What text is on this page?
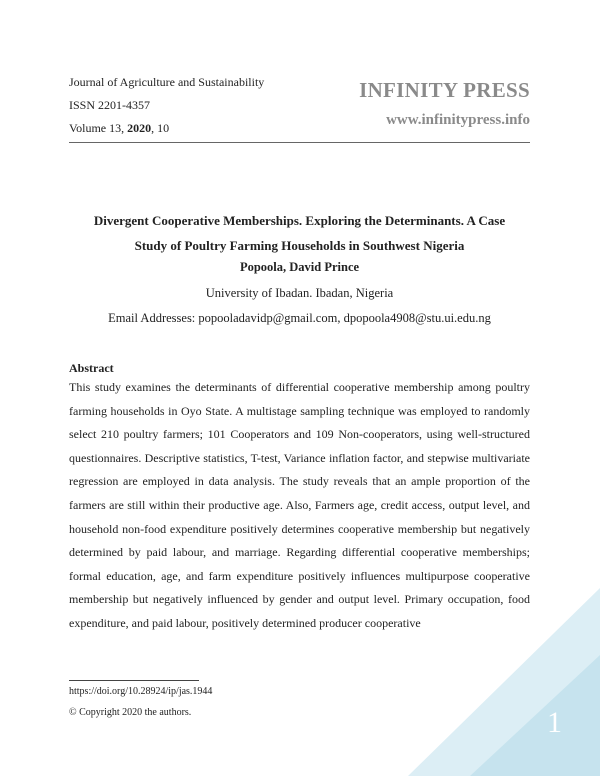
Journal of Agriculture and Sustainability
ISSN 2201-4357
Volume 13, 2020, 10
INFINITY PRESS
www.infinitypress.info
Divergent Cooperative Memberships. Exploring the Determinants. A Case
Study of Poultry Farming Households in Southwest Nigeria
Popoola, David Prince
University of Ibadan. Ibadan, Nigeria
Email Addresses: popooladavidp@gmail.com, dpopoola4908@stu.ui.edu.ng
Abstract
This study examines the determinants of differential cooperative membership among poultry farming households in Oyo State. A multistage sampling technique was employed to randomly select 210 poultry farmers; 101 Cooperators and 109 Non-cooperators, using well-structured questionnaires. Descriptive statistics, T-test, Variance inflation factor, and stepwise multivariate regression are employed in data analysis. The study reveals that an ample proportion of the farmers are still within their productive age. Also, Farmers age, credit access, output level, and household non-food expenditure positively determines cooperative membership but negatively determined by paid labour, and marriage. Regarding differential cooperative memberships; formal education, age, and farm expenditure positively influences multipurpose cooperative membership but negatively influenced by gender and output level. Primary occupation, food expenditure, and paid labour, positively determined producer cooperative
https://doi.org/10.28924/ip/jas.1944
© Copyright 2020 the authors.	1
